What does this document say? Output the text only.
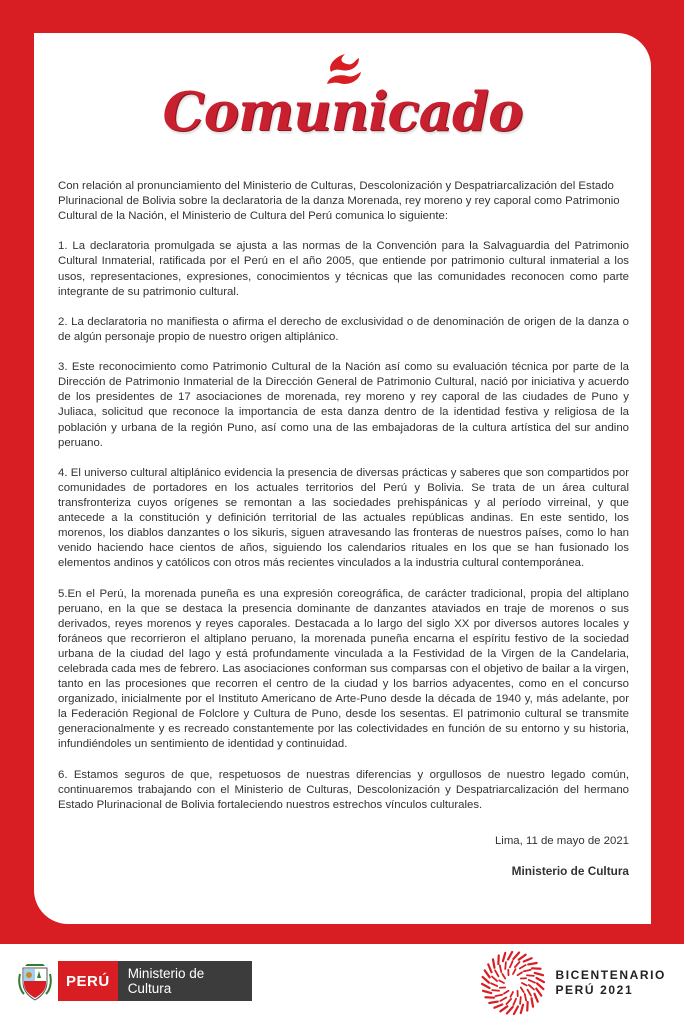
Comunicado

Con relación al pronunciamiento del Ministerio de Culturas, Descolonización y Despatriarcalización del Estado Plurinacional de Bolivia sobre la declaratoria de la danza Morenada, rey moreno y rey caporal como Patrimonio Cultural de la Nación, el Ministerio de Cultura del Perú comunica lo siguiente:

1. La declaratoria promulgada se ajusta a las normas de la Convención para la Salvaguardia del Patrimonio Cultural Inmaterial, ratificada por el Perú en el año 2005, que entiende por patrimonio cultural inmaterial a los usos, representaciones, expresiones, conocimientos y técnicas que las comunidades reconocen como parte integrante de su patrimonio cultural.

2. La declaratoria no manifiesta o afirma el derecho de exclusividad o de denominación de origen de la danza o de algún personaje propio de nuestro origen altiplánico.

3. Este reconocimiento como Patrimonio Cultural de la Nación así como su evaluación técnica por parte de la Dirección de Patrimonio Inmaterial de la Dirección General de Patrimonio Cultural, nació por iniciativa y acuerdo de los presidentes de 17 asociaciones de morenada, rey moreno y rey caporal de las ciudades de Puno y Juliaca, solicitud que reconoce la importancia de esta danza dentro de la identidad festiva y religiosa de la población y urbana de la región Puno, así como una de las embajadoras de la cultura artística del sur andino peruano.

4. El universo cultural altiplánico evidencia la presencia de diversas prácticas y saberes que son compartidos por comunidades de portadores en los actuales territorios del Perú y Bolivia. Se trata de un área cultural transfronteriza cuyos orígenes se remontan a las sociedades prehispánicas y al período virreinal, y que antecede a la constitución y definición territorial de las actuales repúblicas andinas. En este sentido, los morenos, los diablos danzantes o los sikuris, siguen atravesando las fronteras de nuestros países, como lo han venido haciendo hace cientos de años, siguiendo los calendarios rituales en los que se han fusionado los elementos andinos y católicos con otros más recientes vinculados a la industria cultural contemporánea.

5.En el Perú, la morenada puneña es una expresión coreográfica, de carácter tradicional, propia del altiplano peruano, en la que se destaca la presencia dominante de danzantes ataviados en traje de morenos o sus derivados, reyes morenos y reyes caporales. Destacada a lo largo del siglo XX por diversos autores locales y foráneos que recorrieron el altiplano peruano, la morenada puneña encarna el espíritu festivo de la sociedad urbana de la ciudad del lago y está profundamente vinculada a la Festividad de la Virgen de la Candelaria, celebrada cada mes de febrero. Las asociaciones conforman sus comparsas con el objetivo de bailar a la virgen, tanto en las procesiones que recorren el centro de la ciudad y los barrios adyacentes, como en el concurso organizado, inicialmente por el Instituto Americano de Arte-Puno desde la década de 1940 y, más adelante, por la Federación Regional de Folclore y Cultura de Puno, desde los sesentas. El patrimonio cultural se transmite generacionalmente y es recreado constantemente por las colectividades en función de su entorno y su historia, infundiéndoles un sentimiento de identidad y continuidad.

6. Estamos seguros de que, respetuosos de nuestras diferencias y orgullosos de nuestro legado común, continuaremos trabajando con el Ministerio de Culturas, Descolonización y Despatriarcalización del hermano Estado Plurinacional de Bolivia fortaleciendo nuestros estrechos vínculos culturales.

Lima, 11 de mayo de 2021
Ministerio de Cultura
PERÚ	Ministerio de Cultura
BICENTENARIO
PERÚ 2021
